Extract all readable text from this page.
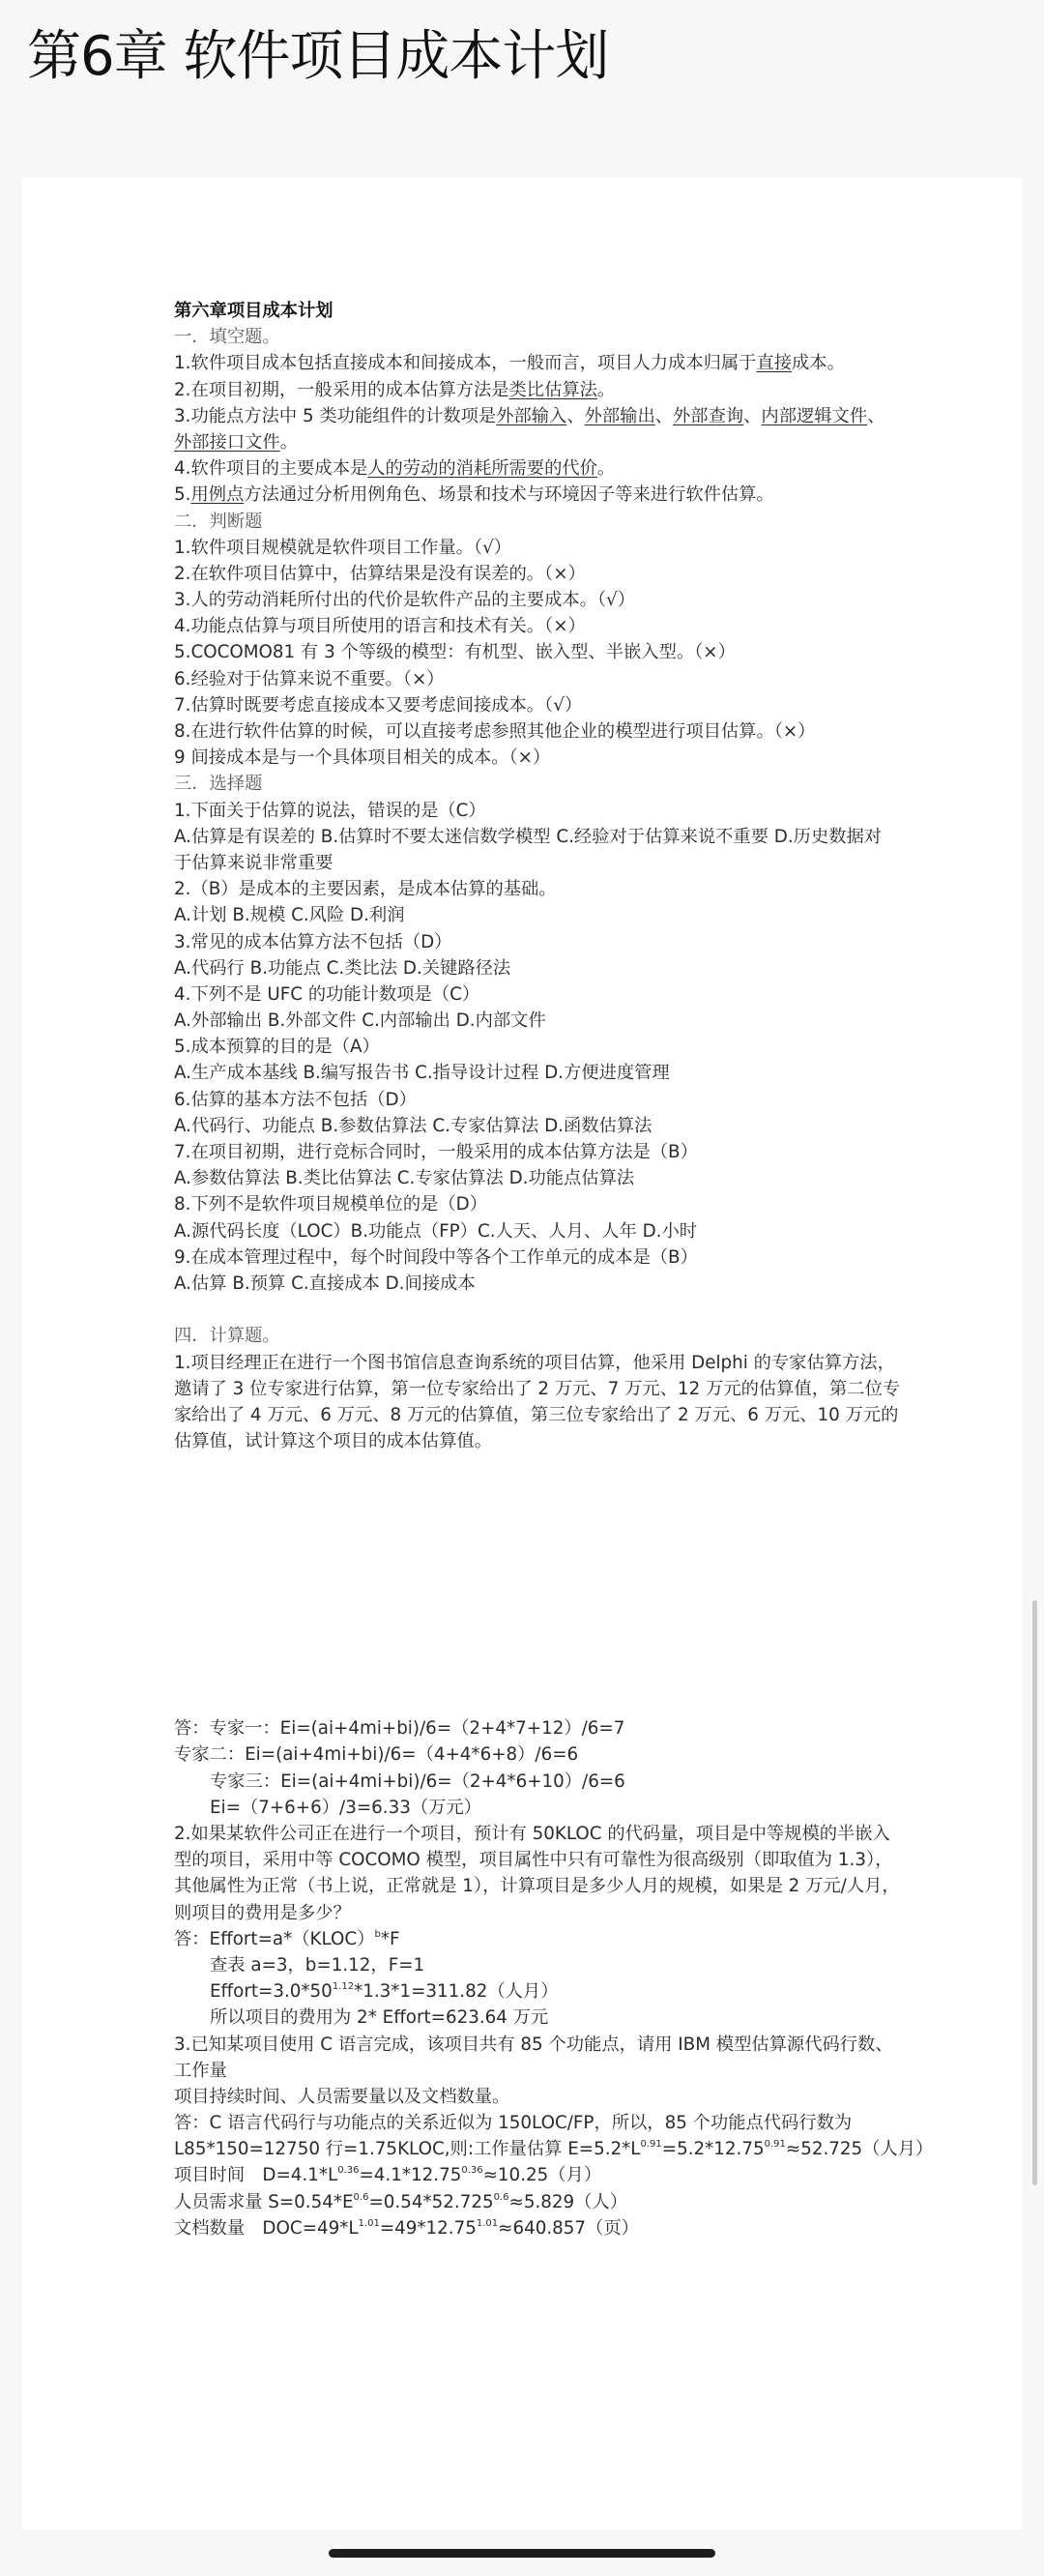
第6章 软件项目成本计划
第六章项目成本计划
一．填空题。
1.软件项目成本包括直接成本和间接成本，一般而言，项目人力成本归属于直接成本。
2.在项目初期，一般采用的成本估算方法是类比估算法。
3.功能点方法中 5 类功能组件的计数项是外部输入、外部输出、外部查询、内部逻辑文件、
外部接口文件。
4.软件项目的主要成本是人的劳动的消耗所需要的代价。
5.用例点方法通过分析用例角色、场景和技术与环境因子等来进行软件估算。
二．判断题
1.软件项目规模就是软件项目工作量。（√）
2.在软件项目估算中，估算结果是没有误差的。（×）
3.人的劳动消耗所付出的代价是软件产品的主要成本。（√）
4.功能点估算与项目所使用的语言和技术有关。（×）
5.COCOMO81 有 3 个等级的模型：有机型、嵌入型、半嵌入型。（×）
6.经验对于估算来说不重要。（×）
7.估算时既要考虑直接成本又要考虑间接成本。（√）
8.在进行软件估算的时候，可以直接考虑参照其他企业的模型进行项目估算。（×）
9 间接成本是与一个具体项目相关的成本。（×）
三．选择题
1.下面关于估算的说法，错误的是（C）
A.估算是有误差的 B.估算时不要太迷信数学模型 C.经验对于估算来说不重要 D.历史数据对
于估算来说非常重要
2.（B）是成本的主要因素，是成本估算的基础。
A.计划 B.规模 C.风险 D.利润
3.常见的成本估算方法不包括（D）
A.代码行 B.功能点 C.类比法 D.关键路径法
4.下列不是 UFC 的功能计数项是（C）
A.外部输出 B.外部文件 C.内部输出 D.内部文件
5.成本预算的目的是（A）
A.生产成本基线 B.编写报告书 C.指导设计过程 D.方便进度管理
6.估算的基本方法不包括（D）
A.代码行、功能点 B.参数估算法 C.专家估算法 D.函数估算法
7.在项目初期，进行竞标合同时，一般采用的成本估算方法是（B）
A.参数估算法 B.类比估算法 C.专家估算法 D.功能点估算法
8.下列不是软件项目规模单位的是（D）
A.源代码长度（LOC）B.功能点（FP）C.人天、人月、人年 D.小时
9.在成本管理过程中，每个时间段中等各个工作单元的成本是（B）
A.估算 B.预算 C.直接成本 D.间接成本
四．计算题。
1.项目经理正在进行一个图书馆信息查询系统的项目估算，他采用 Delphi 的专家估算方法，
邀请了 3 位专家进行估算，第一位专家给出了 2 万元、7 万元、12 万元的估算值，第二位专
家给出了 4 万元、6 万元、8 万元的估算值，第三位专家给出了 2 万元、6 万元、10 万元的
估算值，试计算这个项目的成本估算值。
答：专家一：Ei=(ai+4mi+bi)/6=（2+4*7+12）/6=7
专家二：Ei=(ai+4mi+bi)/6=（4+4*6+8）/6=6
专家三：Ei=(ai+4mi+bi)/6=（2+4*6+10）/6=6
Ei=（7+6+6）/3=6.33（万元）
2.如果某软件公司正在进行一个项目，预计有 50KLOC 的代码量，项目是中等规模的半嵌入
型的项目，采用中等 COCOMO 模型，项目属性中只有可靠性为很高级别（即取值为 1.3），
其他属性为正常（书上说，正常就是 1），计算项目是多少人月的规模，如果是 2 万元/人月，
则项目的费用是多少？
答：Effort=a*（KLOC）$^b$*F
查表 a=3，b=1.12，F=1
$Effort=3.0*50^{1.12}*1.3*1=311.82$（人月）
所以项目的费用为 2* Effort=623.64 万元
3.已知某项目使用 C 语言完成，该项目共有 85 个功能点，请用 IBM 模型估算源代码行数、
工作量
项目持续时间、人员需要量以及文档数量。
答：C 语言代码行与功能点的关系近似为 150LOC/FP，所以，85 个功能点代码行数为
L85*150=12750 行=1.75KLOC,则:工作量估算 $E=5.2*L^{0.91}=5.2*12.75^{0.91}\approx 52.725$（人月）
项目时间　$D=4.1*L^{0.36}=4.1*12.75^{0.36}\approx 10.25$（月）
人员需求量 $S=0.54*E^{0.6}=0.54*52.725^{0.6}\approx 5.829$（人）
文档数量　$DOC=49*L^{1.01}=49*12.75^{1.01}\approx 640.857$（页）
